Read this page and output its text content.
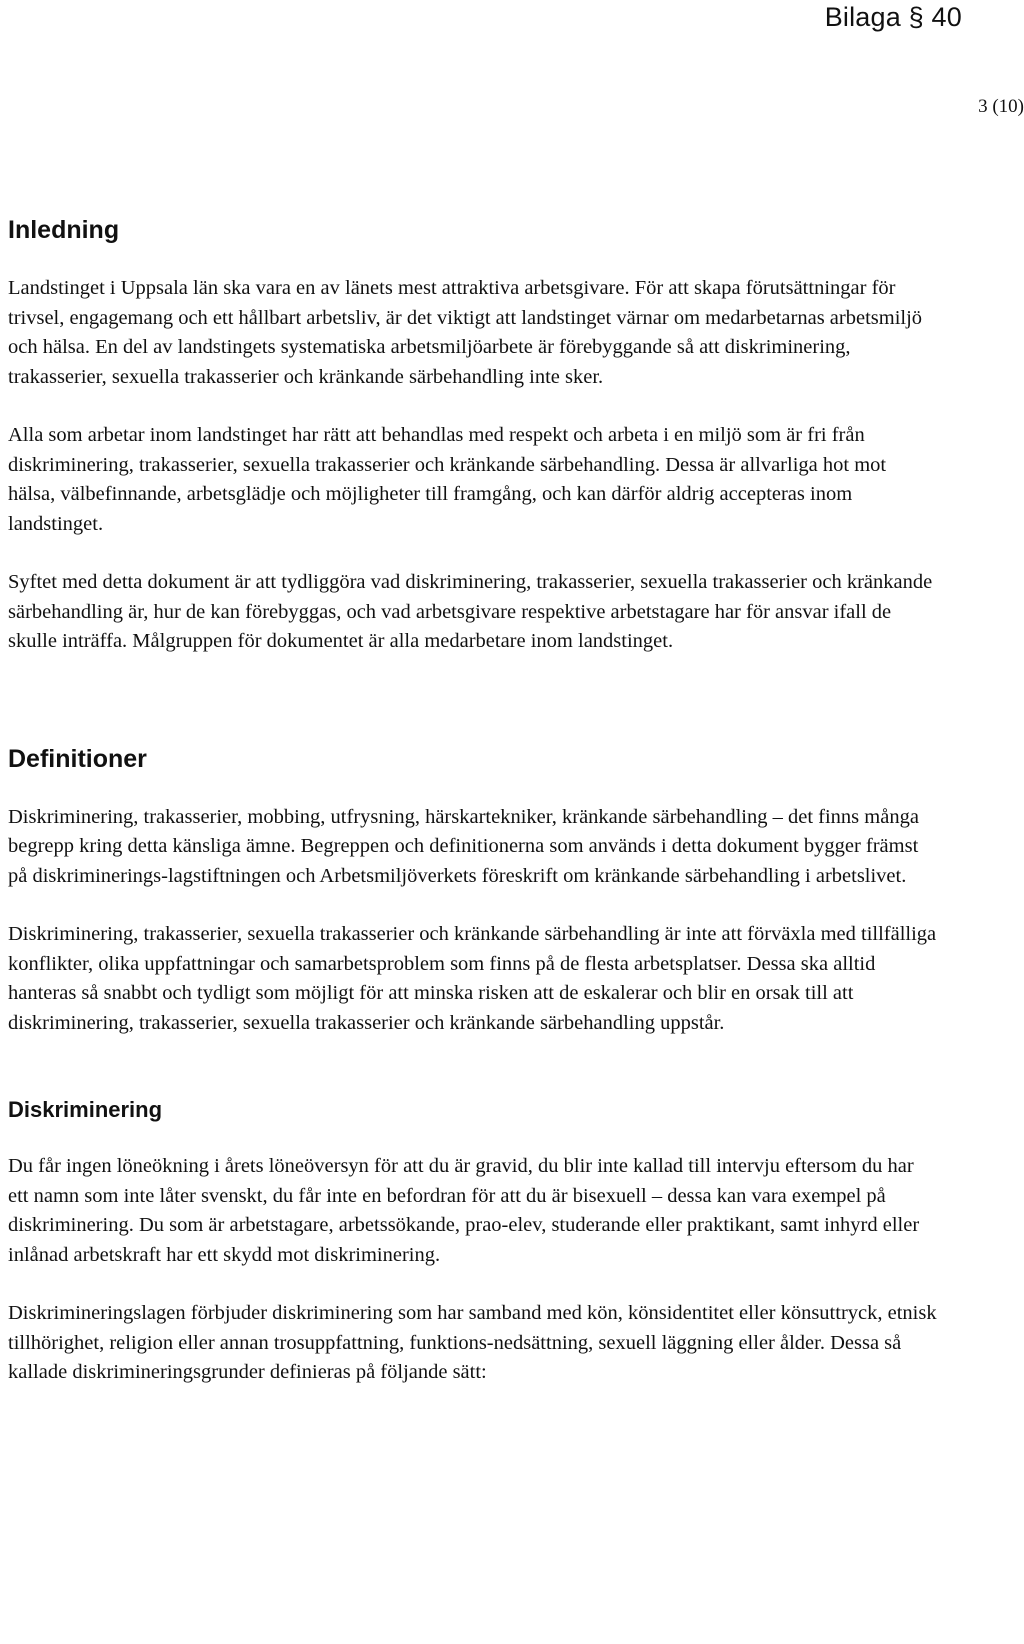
Bilaga § 40
3 (10)
Inledning

Landstinget i Uppsala län ska vara en av länets mest attraktiva arbetsgivare. För att skapa förutsättningar för trivsel, engagemang och ett hållbart arbetsliv, är det viktigt att landstinget värnar om medarbetarnas arbetsmiljö och hälsa. En del av landstingets systematiska arbetsmiljöarbete är förebyggande så att diskriminering, trakasserier, sexuella trakasserier och kränkande särbehandling inte sker.

Alla som arbetar inom landstinget har rätt att behandlas med respekt och arbeta i en miljö som är fri från diskriminering, trakasserier, sexuella trakasserier och kränkande särbehandling. Dessa är allvarliga hot mot hälsa, välbefinnande, arbetsglädje och möjligheter till framgång, och kan därför aldrig accepteras inom landstinget.

Syftet med detta dokument är att tydliggöra vad diskriminering, trakasserier, sexuella trakasserier och kränkande särbehandling är, hur de kan förebyggas, och vad arbetsgivare respektive arbetstagare har för ansvar ifall de skulle inträffa. Målgruppen för dokumentet är alla medarbetare inom landstinget.

Definitioner

Diskriminering, trakasserier, mobbing, utfrysning, härskartekniker, kränkande särbehandling – det finns många begrepp kring detta känsliga ämne. Begreppen och definitionerna som används i detta dokument bygger främst på diskriminerings-lagstiftningen och Arbetsmiljöverkets föreskrift om kränkande särbehandling i arbetslivet.

Diskriminering, trakasserier, sexuella trakasserier och kränkande särbehandling är inte att förväxla med tillfälliga konflikter, olika uppfattningar och samarbetsproblem som finns på de flesta arbetsplatser. Dessa ska alltid hanteras så snabbt och tydligt som möjligt för att minska risken att de eskalerar och blir en orsak till att diskriminering, trakasserier, sexuella trakasserier och kränkande särbehandling uppstår.

Diskriminering

Du får ingen löneökning i årets löneöversyn för att du är gravid, du blir inte kallad till intervju eftersom du har ett namn som inte låter svenskt, du får inte en befordran för att du är bisexuell – dessa kan vara exempel på diskriminering. Du som är arbetstagare, arbetssökande, prao-elev, studerande eller praktikant, samt inhyrd eller inlånad arbetskraft har ett skydd mot diskriminering.

Diskrimineringslagen förbjuder diskriminering som har samband med kön, könsidentitet eller könsuttryck, etnisk tillhörighet, religion eller annan trosuppfattning, funktions-nedsättning, sexuell läggning eller ålder. Dessa så kallade diskrimineringsgrunder definieras på följande sätt:
